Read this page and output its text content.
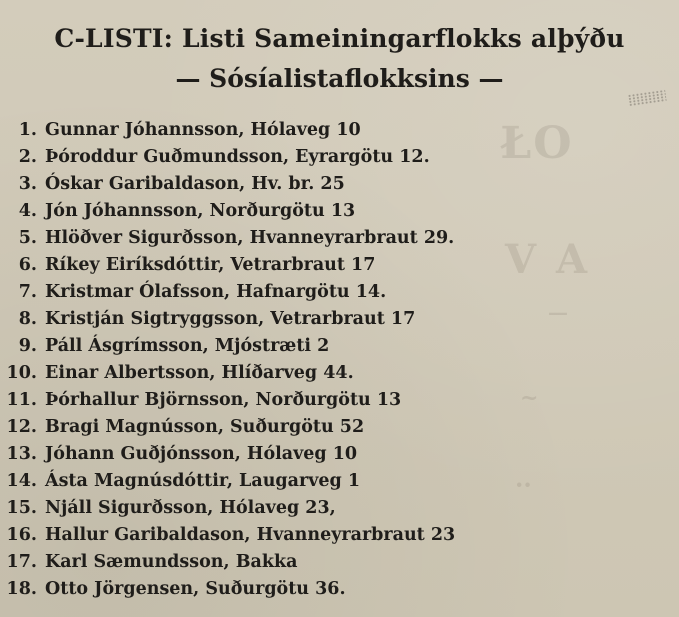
ŁO
V A
—
~
··
C-LISTI: Listi Sameiningarflokks alþýðu
— Sósíalistaflokksins —
1. Gunnar Jóhannsson, Hólaveg 10
2. Þóroddur Guðmundsson, Eyrargötu 12.
3. Óskar Garibaldason, Hv. br. 25
4. Jón Jóhannsson, Norðurgötu 13
5. Hlöðver Sigurðsson, Hvanneyrarbraut 29.
6. Ríkey Eiríksdóttir, Vetrarbraut 17
7. Kristmar Ólafsson, Hafnargötu 14.
8. Kristján Sigtryggsson, Vetrarbraut 17
9. Páll Ásgrímsson, Mjóstræti 2
10. Einar Albertsson, Hlíðarveg 44.
11. Þórhallur Björnsson, Norðurgötu 13
12. Bragi Magnússon, Suðurgötu 52
13. Jóhann Guðjónsson, Hólaveg 10
14. Ásta Magnúsdóttir, Laugarveg 1
15. Njáll Sigurðsson, Hólaveg 23,
16. Hallur Garibaldason, Hvanneyrarbraut 23
17. Karl Sæmundsson, Bakka
18. Otto Jörgensen, Suðurgötu 36.
